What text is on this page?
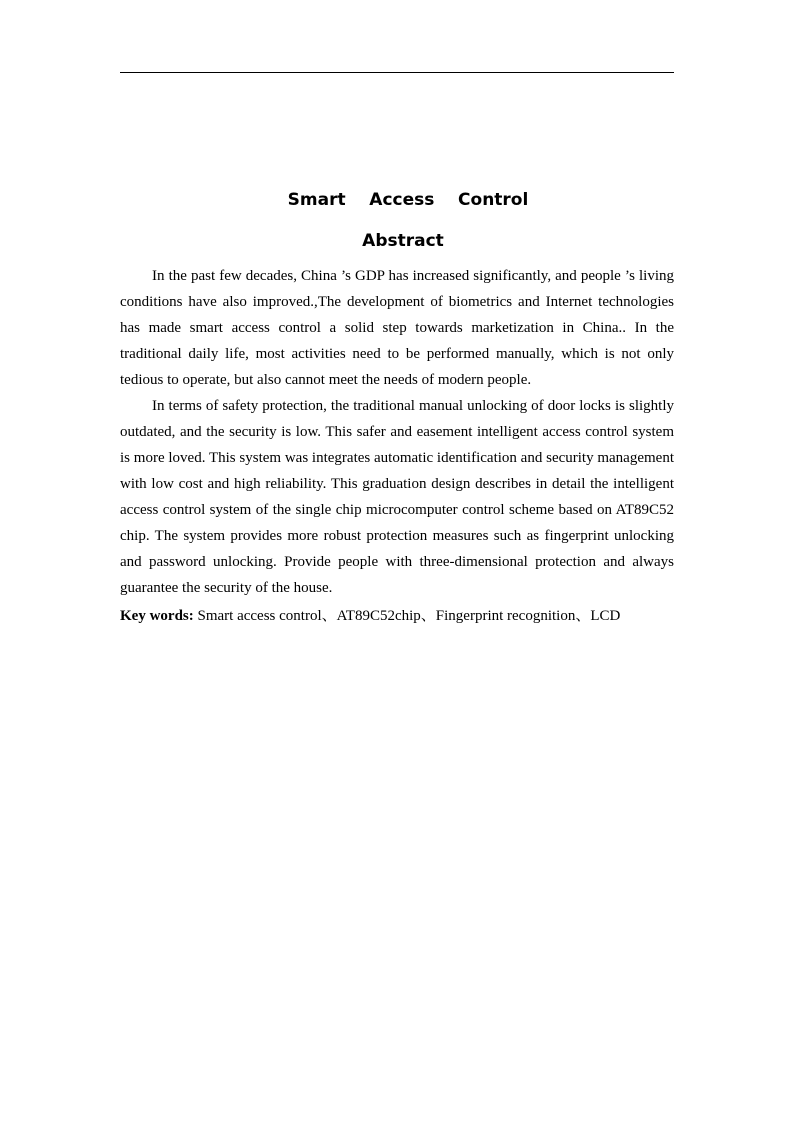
Smart    Access    Control
Abstract

In the past few decades, China ’s GDP has increased significantly, and people ’s living conditions have also improved.,The development of biometrics and Internet technologies has made smart access control a solid step towards marketization in China.. In the traditional daily life, most activities need to be performed manually, which is not only tedious to operate, but also cannot meet the needs of modern people.

In terms of safety protection, the traditional manual unlocking of door locks is slightly outdated, and the security is low. This safer and easement intelligent access control system is more loved. This system was integrates automatic identification and security management with low cost and high reliability. This graduation design describes in detail the intelligent access control system of the single chip microcomputer control scheme based on AT89C52 chip. The system provides more robust protection measures such as fingerprint unlocking and password unlocking. Provide people with three-dimensional protection and always guarantee the security of the house.

Key words: Smart access control、AT89C52chip、Fingerprint recognition、LCD
